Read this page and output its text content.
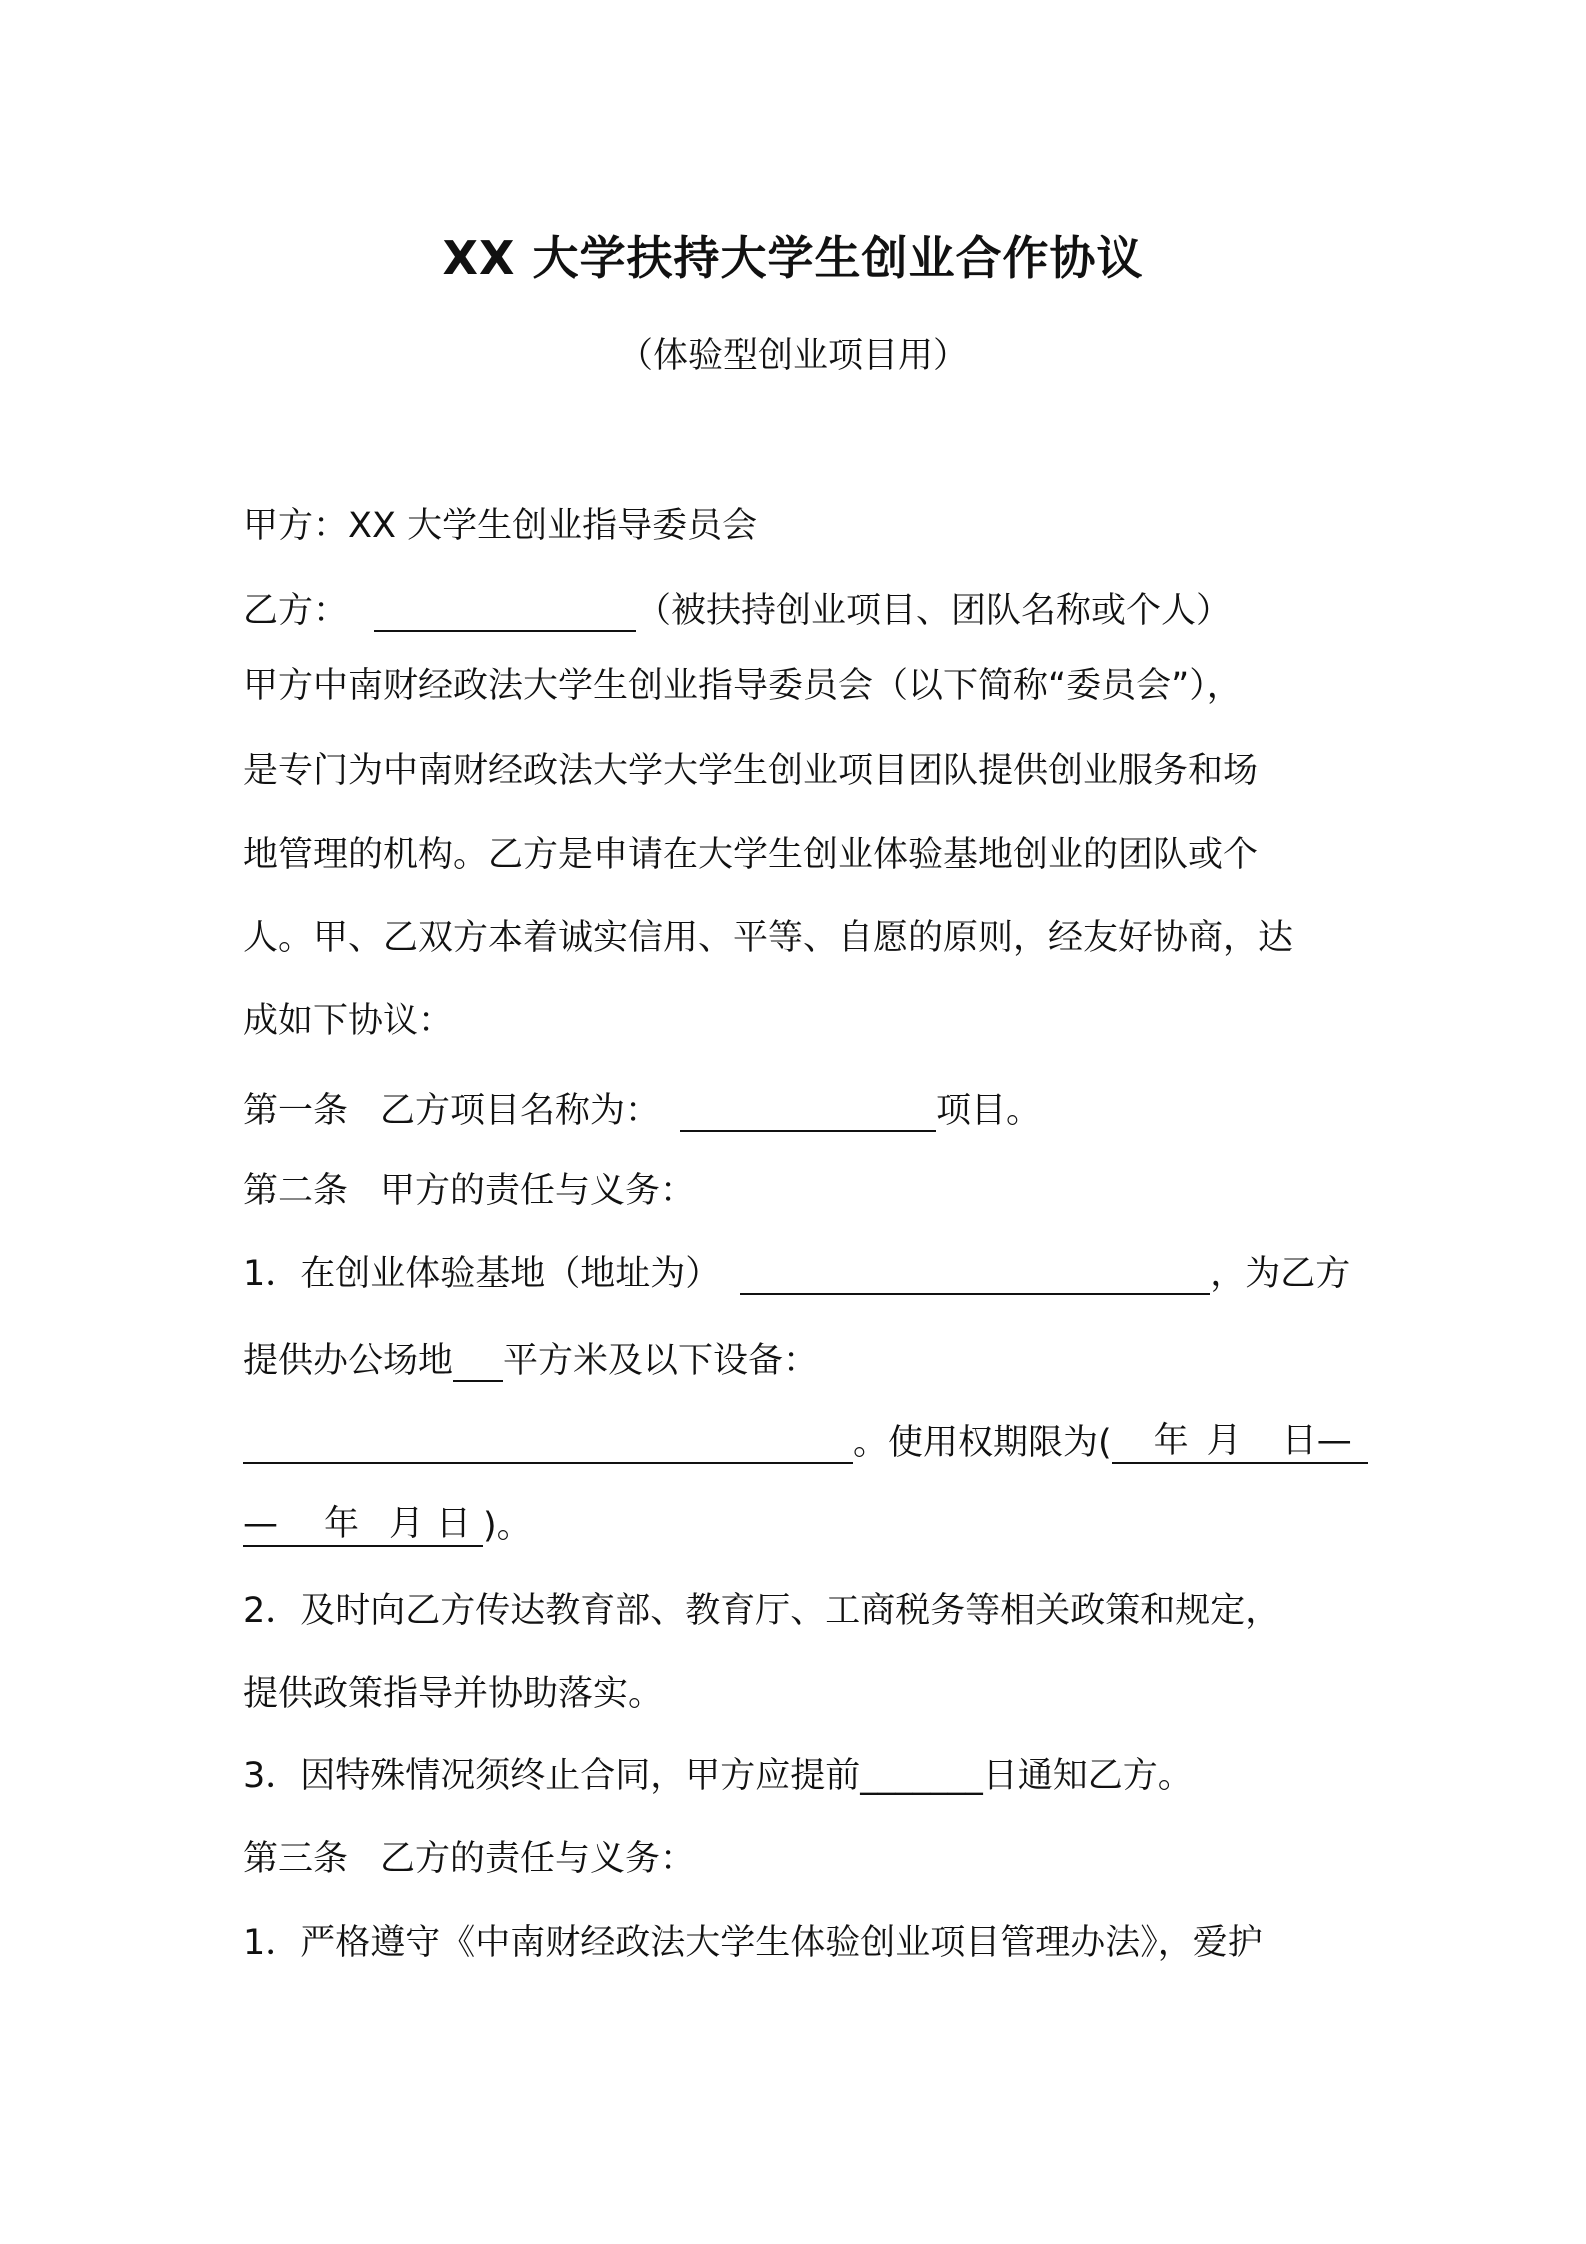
XX 大学扶持大学生创业合作协议
（体验型创业项目用）
甲方：XX 大学生创业指导委员会
乙方：	（被扶持创业项目、团队名称或个人）
甲方中南财经政法大学生创业指导委员会（以下简称“委员会”），
是专门为中南财经政法大学大学生创业项目团队提供创业服务和场
地管理的机构。乙方是申请在大学生创业体验基地创业的团队或个
人。甲、乙双方本着诚实信用、平等、自愿的原则，经友好协商，达
成如下协议：
第一条 乙方项目名称为：	项目。
第二条 甲方的责任与义务：
1．在创业体验基地（地址为）	，为乙方
提供办公场地 平方米及以下设备：
。使用权期限为( 年 月 日—
— 年 月 日 )。
2．及时向乙方传达教育部、教育厅、工商税务等相关政策和规定，
提供政策指导并协助落实。
3．因特殊情况须终止合同，甲方应提前_______日通知乙方。
第三条 乙方的责任与义务：
1．严格遵守《中南财经政法大学生体验创业项目管理办法》，爱护
